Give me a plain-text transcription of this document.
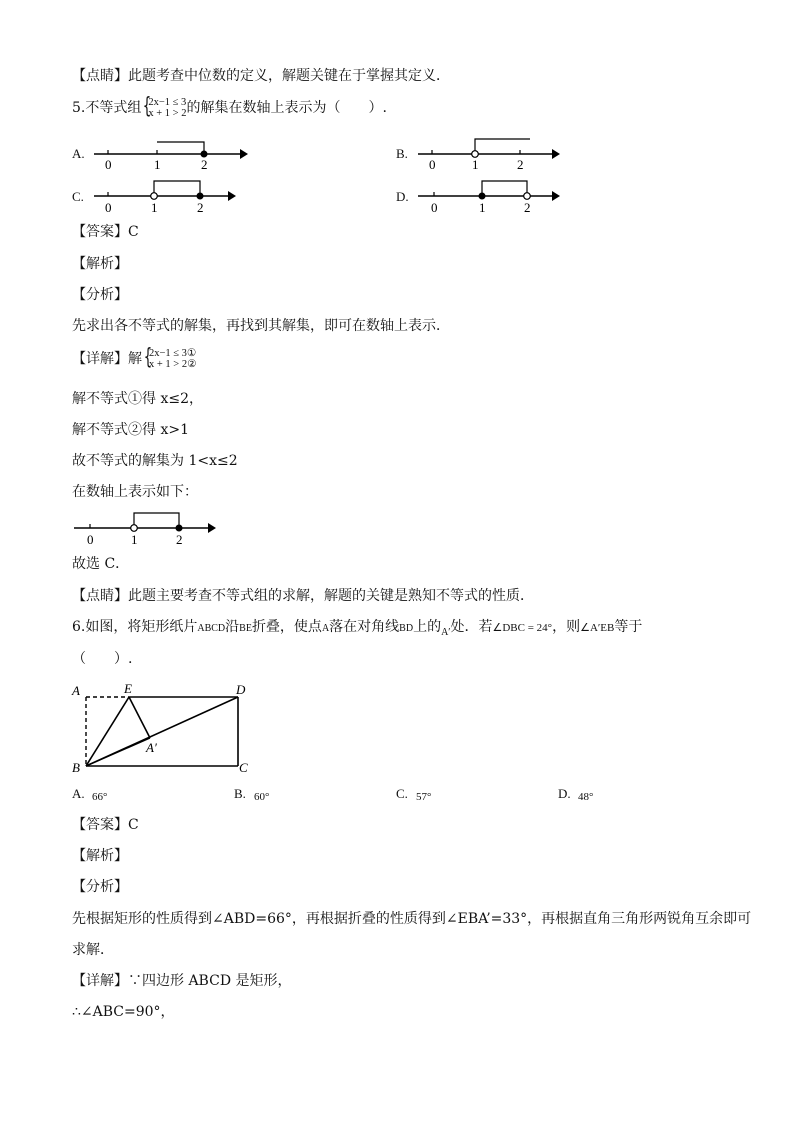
【点睛】此题考查中位数的定义，解题关键在于掌握其定义．
5.不等式组 { 2x−1 ≤ 3
x + 1 > 2的解集在数轴上表示为（　　）.
A.
0	1	2
B.
0	1	2
C.
0	1	2
D.
0	1	2
【答案】C
【解析】
【分析】
先求出各不等式的解集，再找到其解集，即可在数轴上表示．
【详解】解 { 2x−1 ≤ 3①
x + 1 > 2②
解不等式①得 x≤2，
解不等式②得 x>1
故不等式的解集为 1<x≤2
在数轴上表示如下：
0	1	2
故选 C．
【点睛】此题主要考查不等式组的求解，解题的关键是熟知不等式的性质．
6.如图，将矩形纸片ABCD沿BE折叠，使点A落在对角线BD上的$_{A'}$处．若∠DBC = 24°，则∠A′EB等于
（　　）.
A	E	D
A′
B	C
A. 66°	B. 60°	C. 57°	D. 48°
【答案】C
【解析】
【分析】
先根据矩形的性质得到∠ABD=66°，再根据折叠的性质得到∠EBA’=33°，再根据直角三角形两锐角互余即可
求解．
【详解】∵四边形 ABCD 是矩形，
∴∠ABC=90°，
